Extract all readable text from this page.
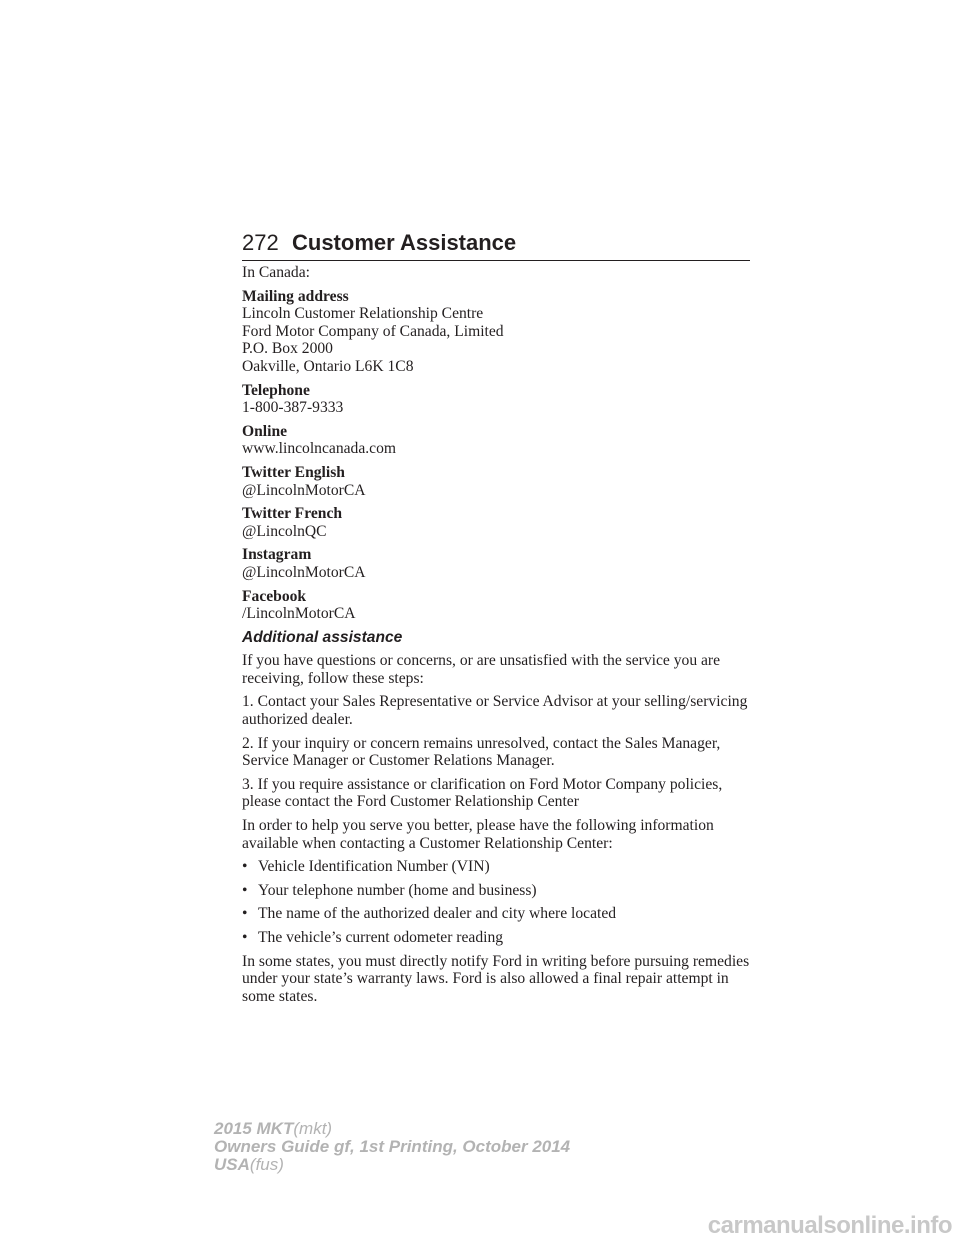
272 Customer Assistance

In Canada:

Mailing address
Lincoln Customer Relationship Centre
Ford Motor Company of Canada, Limited
P.O. Box 2000
Oakville, Ontario L6K 1C8
Telephone
1-800-387-9333
Online
www.lincolncanada.com
Twitter English
@LincolnMotorCA
Twitter French
@LincolnQC
Instagram
@LincolnMotorCA
Facebook
/LincolnMotorCA
Additional assistance

If you have questions or concerns, or are unsatisfied with the service you are receiving, follow these steps:

1. Contact your Sales Representative or Service Advisor at your selling/servicing authorized dealer.

2. If your inquiry or concern remains unresolved, contact the Sales Manager, Service Manager or Customer Relations Manager.

3. If you require assistance or clarification on Ford Motor Company policies, please contact the Ford Customer Relationship Center

In order to help you serve you better, please have the following information available when contacting a Customer Relationship Center:

• Vehicle Identification Number (VIN)
• Your telephone number (home and business)
• The name of the authorized dealer and city where located
• The vehicle’s current odometer reading

In some states, you must directly notify Ford in writing before pursuing remedies under your state’s warranty laws. Ford is also allowed a final repair attempt in some states.

2015 MKT(mkt)
Owners Guide gf, 1st Printing, October 2014
USA(fus)
carmanualsonline.info
